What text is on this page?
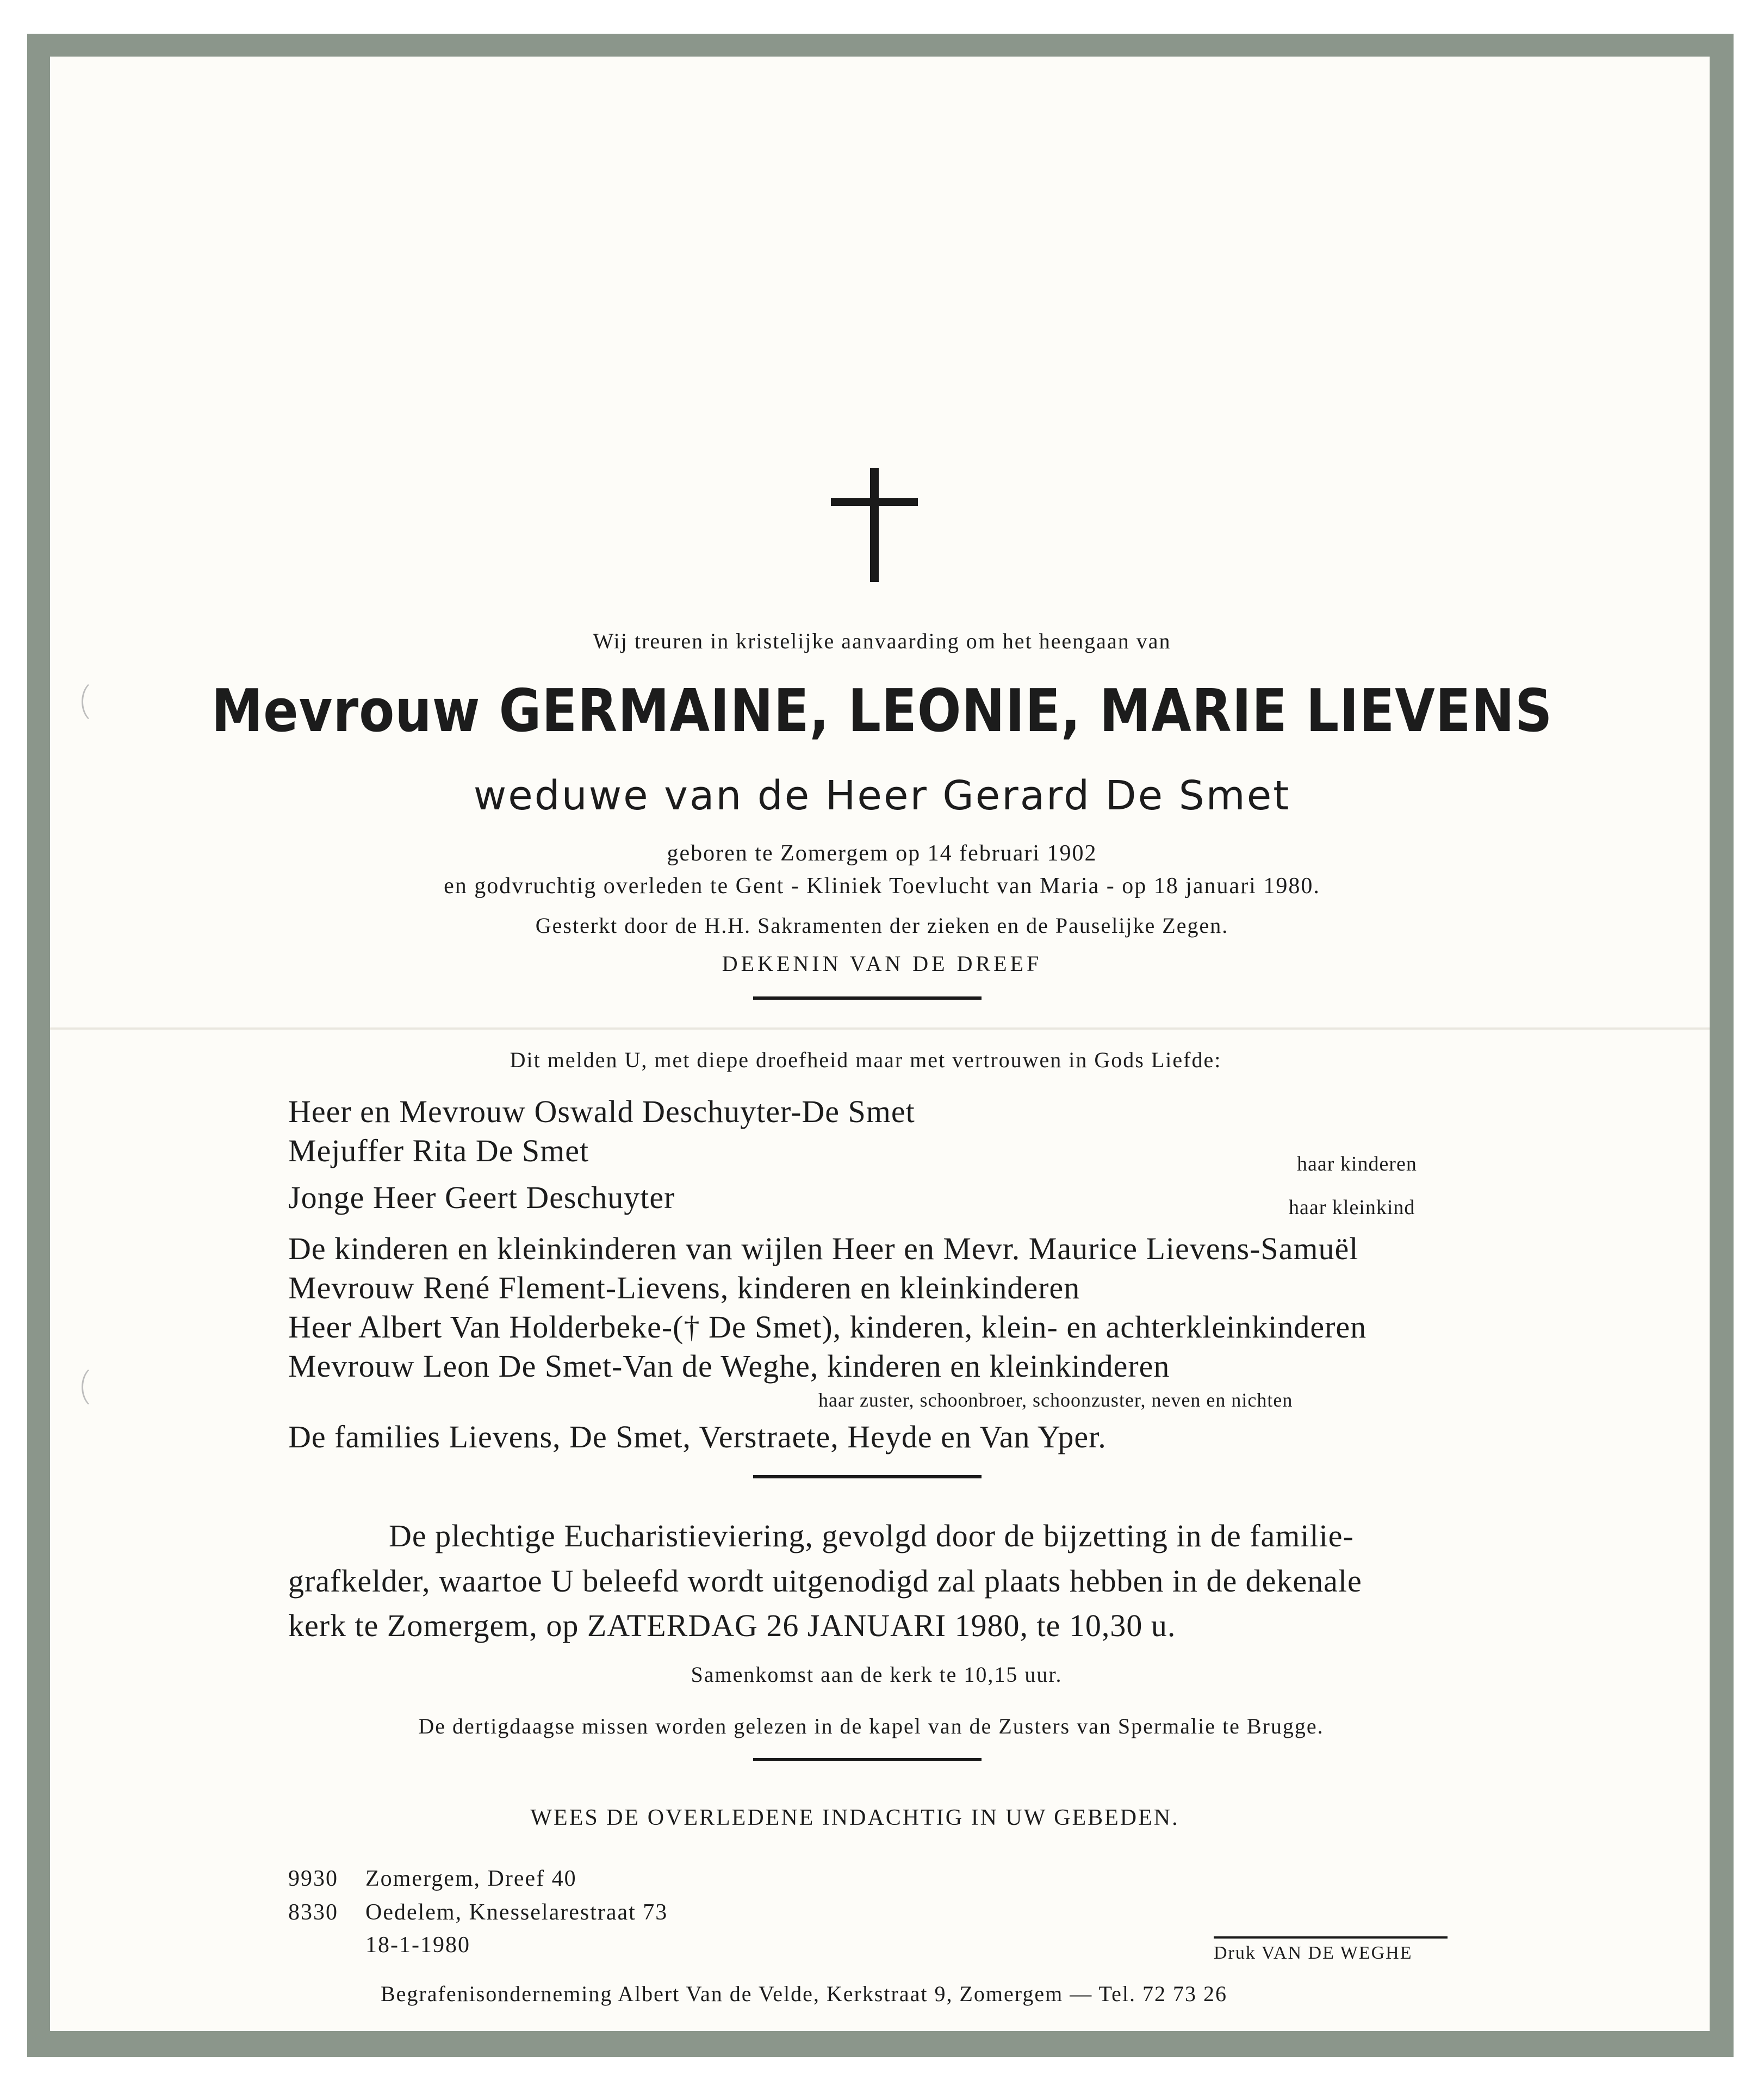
Wij treuren in kristelijke aanvaarding om het heengaan van
Mevrouw GERMAINE, LEONIE, MARIE LIEVENS
weduwe van de Heer Gerard De Smet
geboren te Zomergem op 14 februari 1902
en godvruchtig overleden te Gent - Kliniek Toevlucht van Maria - op 18 januari 1980.
Gesterkt door de H.H. Sakramenten der zieken en de Pauselijke Zegen.
DEKENIN VAN DE DREEF
Dit melden U, met diepe droefheid maar met vertrouwen in Gods Liefde:
Heer en Mevrouw Oswald Deschuyter-De Smet
Mejuffer Rita De Smet	haar kinderen
Jonge Heer Geert Deschuyter	haar kleinkind
De kinderen en kleinkinderen van wijlen Heer en Mevr. Maurice Lievens-Samuël
Mevrouw René Flement-Lievens, kinderen en kleinkinderen
Heer Albert Van Holderbeke-(† De Smet), kinderen, klein- en achterkleinkinderen
Mevrouw Leon De Smet-Van de Weghe, kinderen en kleinkinderen
haar zuster, schoonbroer, schoonzuster, neven en nichten
De families Lievens, De Smet, Verstraete, Heyde en Van Yper.
De plechtige Eucharistieviering, gevolgd door de bijzetting in de familie-
grafkelder, waartoe U beleefd wordt uitgenodigd zal plaats hebben in de dekenale
kerk te Zomergem, op ZATERDAG 26 JANUARI 1980, te 10,30 u.
Samenkomst aan de kerk te 10,15 uur.
De dertigdaagse missen worden gelezen in de kapel van de Zusters van Spermalie te Brugge.
WEES DE OVERLEDENE INDACHTIG IN UW GEBEDEN.
9930 Zomergem, Dreef 40
8330 Oedelem, Knesselarestraat 73
18-1-1980	Druk VAN DE WEGHE
Begrafenisonderneming Albert Van de Velde, Kerkstraat 9, Zomergem — Tel. 72 73 26
